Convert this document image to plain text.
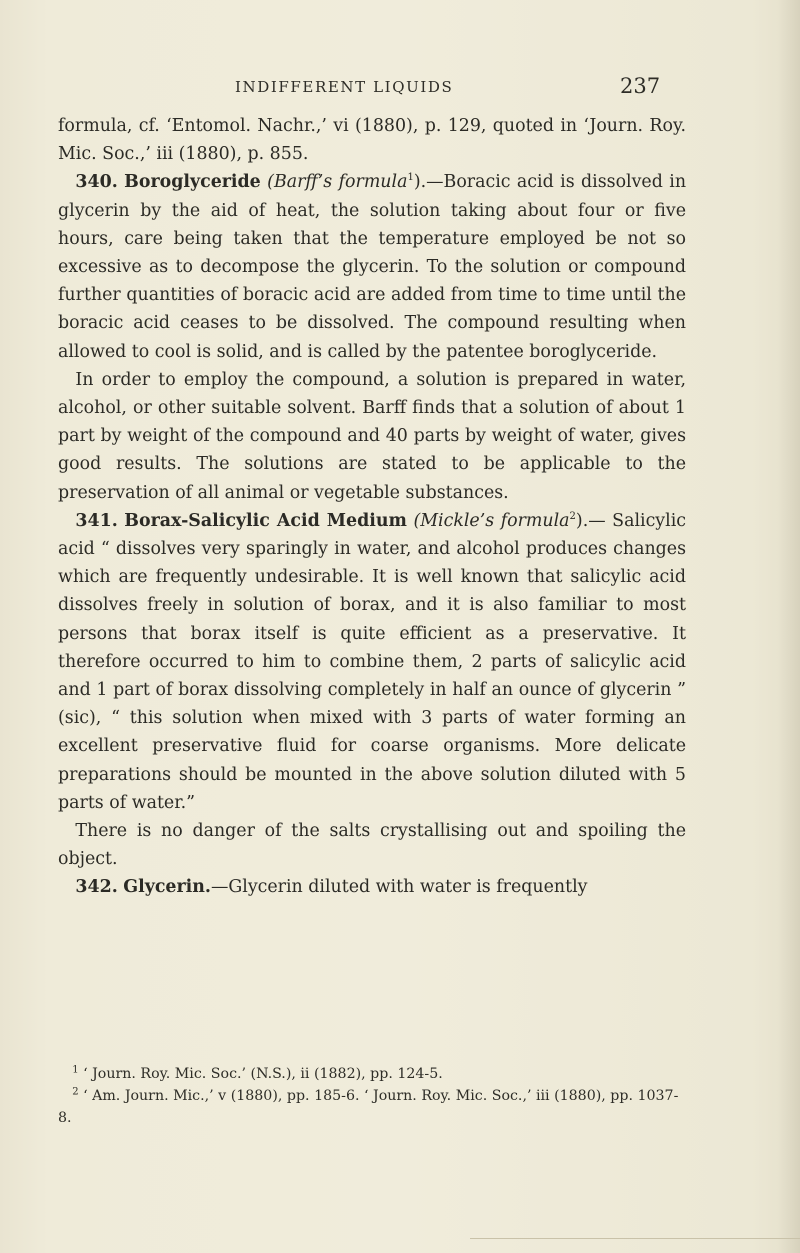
INDIFFERENT LIQUIDS	237

formula, cf. ‘Entomol. Nachr.,’ vi (1880), p. 129, quoted in ‘Journ. Roy. Mic. Soc.,’ iii (1880), p. 855.

 340. Boroglyceride (Barff’s formula$^1$).—Boracic acid is dissolved in glycerin by the aid of heat, the solution taking about four or five hours, care being taken that the temperature employed be not so excessive as to decompose the glycerin. To the solution or compound further quantities of boracic acid are added from time to time until the boracic acid ceases to be dissolved. The compound resulting when allowed to cool is solid, and is called by the patentee boroglyceride.

 In order to employ the compound, a solution is prepared in water, alcohol, or other suitable solvent. Barff finds that a solution of about 1 part by weight of the compound and 40 parts by weight of water, gives good results. The solutions are stated to be applicable to the preservation of all animal or vegetable substances.

 341. Borax-Salicylic Acid Medium (Mickle’s formula$^2$).— Salicylic acid “ dissolves very sparingly in water, and alcohol produces changes which are frequently undesirable. It is well known that salicylic acid dissolves freely in solution of borax, and it is also familiar to most persons that borax itself is quite efficient as a preservative. It therefore occurred to him to combine them, 2 parts of salicylic acid and 1 part of borax dissolving completely in half an ounce of glycerin ” (sic), “ this solution when mixed with 3 parts of water forming an excellent preservative fluid for coarse organisms. More delicate preparations should be mounted in the above solution diluted with 5 parts of water.”

 There is no danger of the salts crystallising out and spoiling the object.

 342. Glycerin.—Glycerin diluted with water is frequently

 $^1$ ‘ Journ. Roy. Mic. Soc.’ (N.S.), ii (1882), pp. 124-5.

 $^2$ ‘ Am. Journ. Mic.,’ v (1880), pp. 185-6. ‘ Journ. Roy. Mic. Soc.,’ iii (1880), pp. 1037-8.
